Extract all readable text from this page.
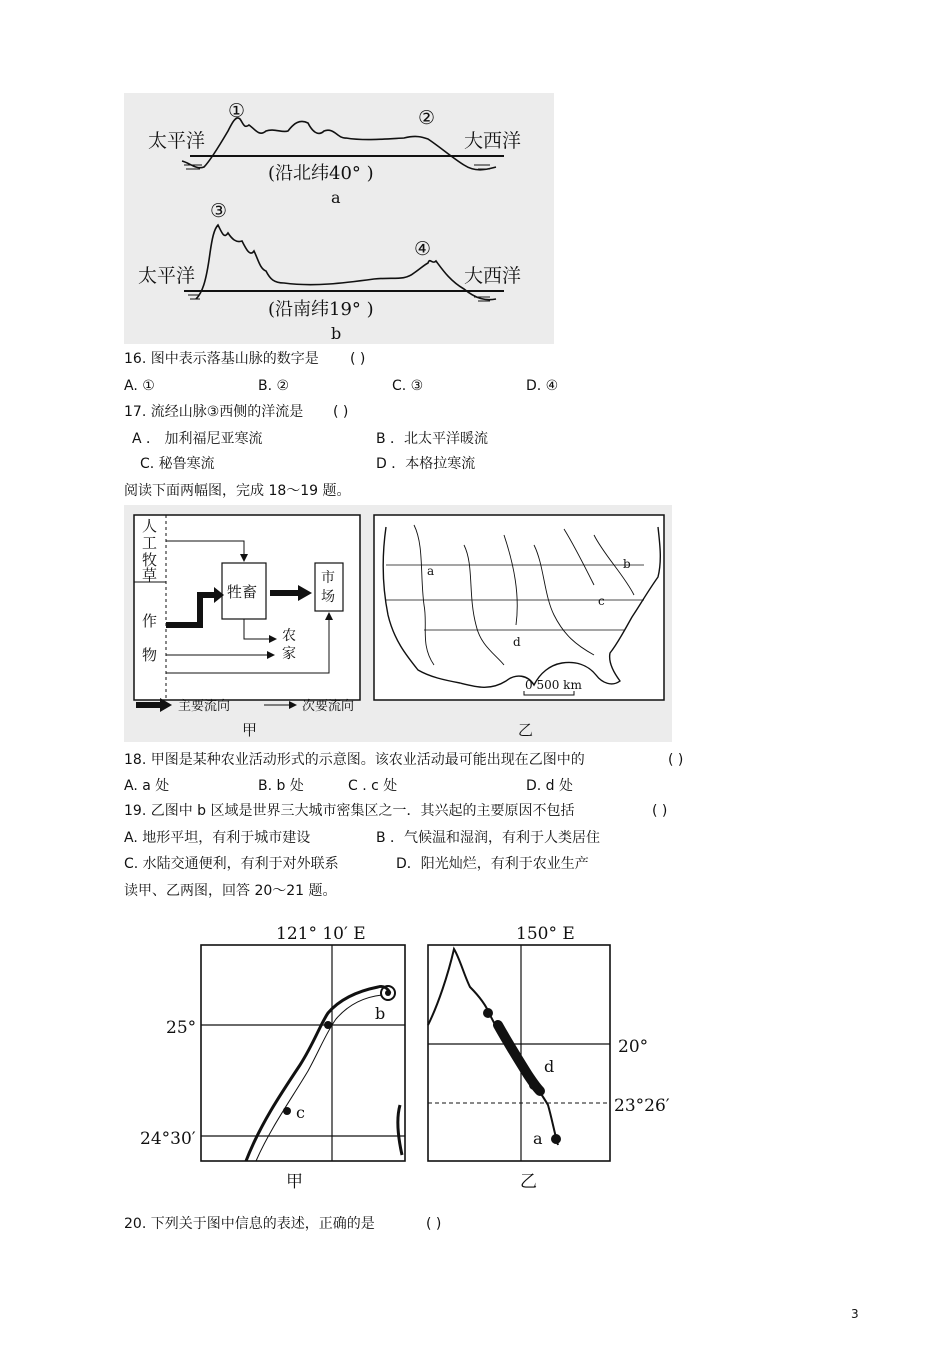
太平洋	大西洋
①	②
(沿北纬40° )
a
③
④
太平洋	大西洋
(沿南纬19° )
b
16. 图中表示落基山脉的数字是 ( )
A. ①	B. ②	C. ③	D. ④
17. 流经山脉③西侧的洋流是 ( )
A ． 加利福尼亚寒流	B ．北太平洋暖流
C. 秘鲁寒流	D ．本格拉寒流
阅读下面两幅图，完成 18～19 题。
人
工
牧
草
作
物
牲畜
市
场
农
家
主要流向	次要流向
甲
a	b
c
d
0 500 km
乙
18. 甲图是某种农业活动形式的示意图。该农业活动最可能出现在乙图中的	( )
A. a 处	B. b 处	C . c 处	D. d 处
19. 乙图中 b 区域是世界三大城市密集区之一．其兴起的主要原因不包括	( )
A. 地形平坦，有利于城市建设	B ．气候温和湿润，有利于人类居住
C. 水陆交通便利，有利于对外联系	D．阳光灿烂，有利于农业生产
读甲、乙两图，回答 20～21 题。
121° 10′ E
25°
24°30′
b
c
甲
150° E
20°
23°26′
d
a
乙
20. 下列关于图中信息的表述，正确的是	( )
3
